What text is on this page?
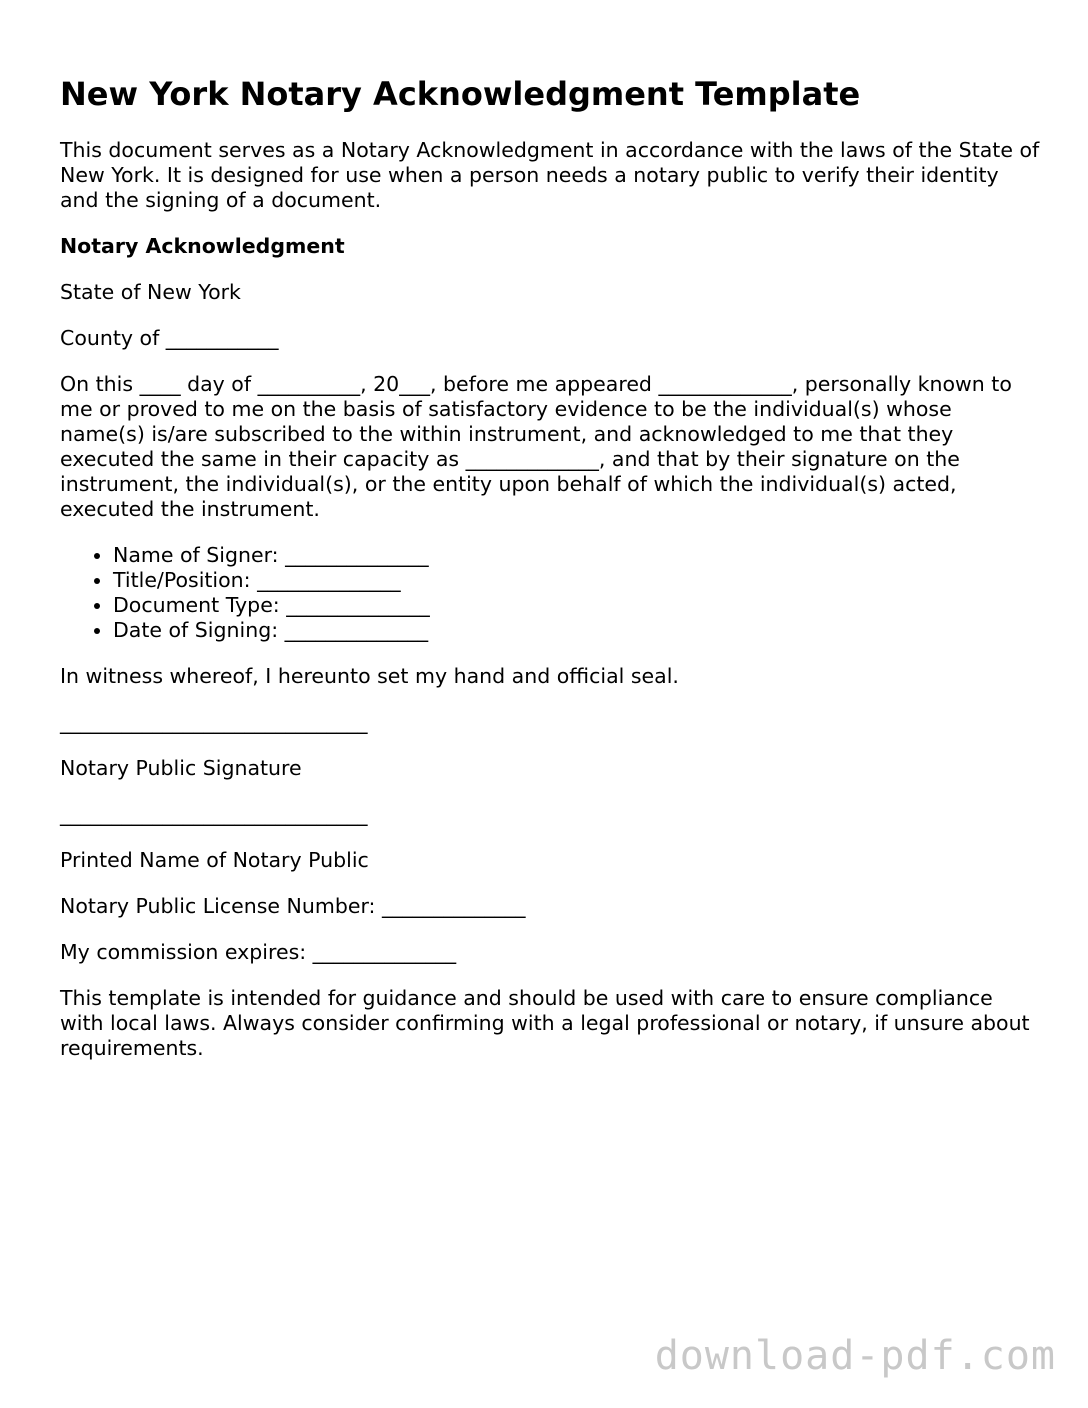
New York Notary Acknowledgment Template

This document serves as a Notary Acknowledgment in accordance with the laws of the State of New York. It is designed for use when a person needs a notary public to verify their identity and the signing of a document.

Notary Acknowledgment

State of New York

County of ___________

On this ____ day of __________, 20___, before me appeared _____________, personally known to me or proved to me on the basis of satisfactory evidence to be the individual(s) whose name(s) is/are subscribed to the within instrument, and acknowledged to me that they executed the same in their capacity as _____________, and that by their signature on the instrument, the individual(s), or the entity upon behalf of which the individual(s) acted, executed the instrument.

• Name of Signer: ______________
• Title/Position: ______________
• Document Type: ______________
• Date of Signing: ______________

In witness whereof, I hereunto set my hand and official seal.

______________________________

Notary Public Signature

______________________________

Printed Name of Notary Public

Notary Public License Number: ______________

My commission expires: ______________

This template is intended for guidance and should be used with care to ensure compliance with local laws. Always consider confirming with a legal professional or notary, if unsure about requirements.

download-pdf.com
